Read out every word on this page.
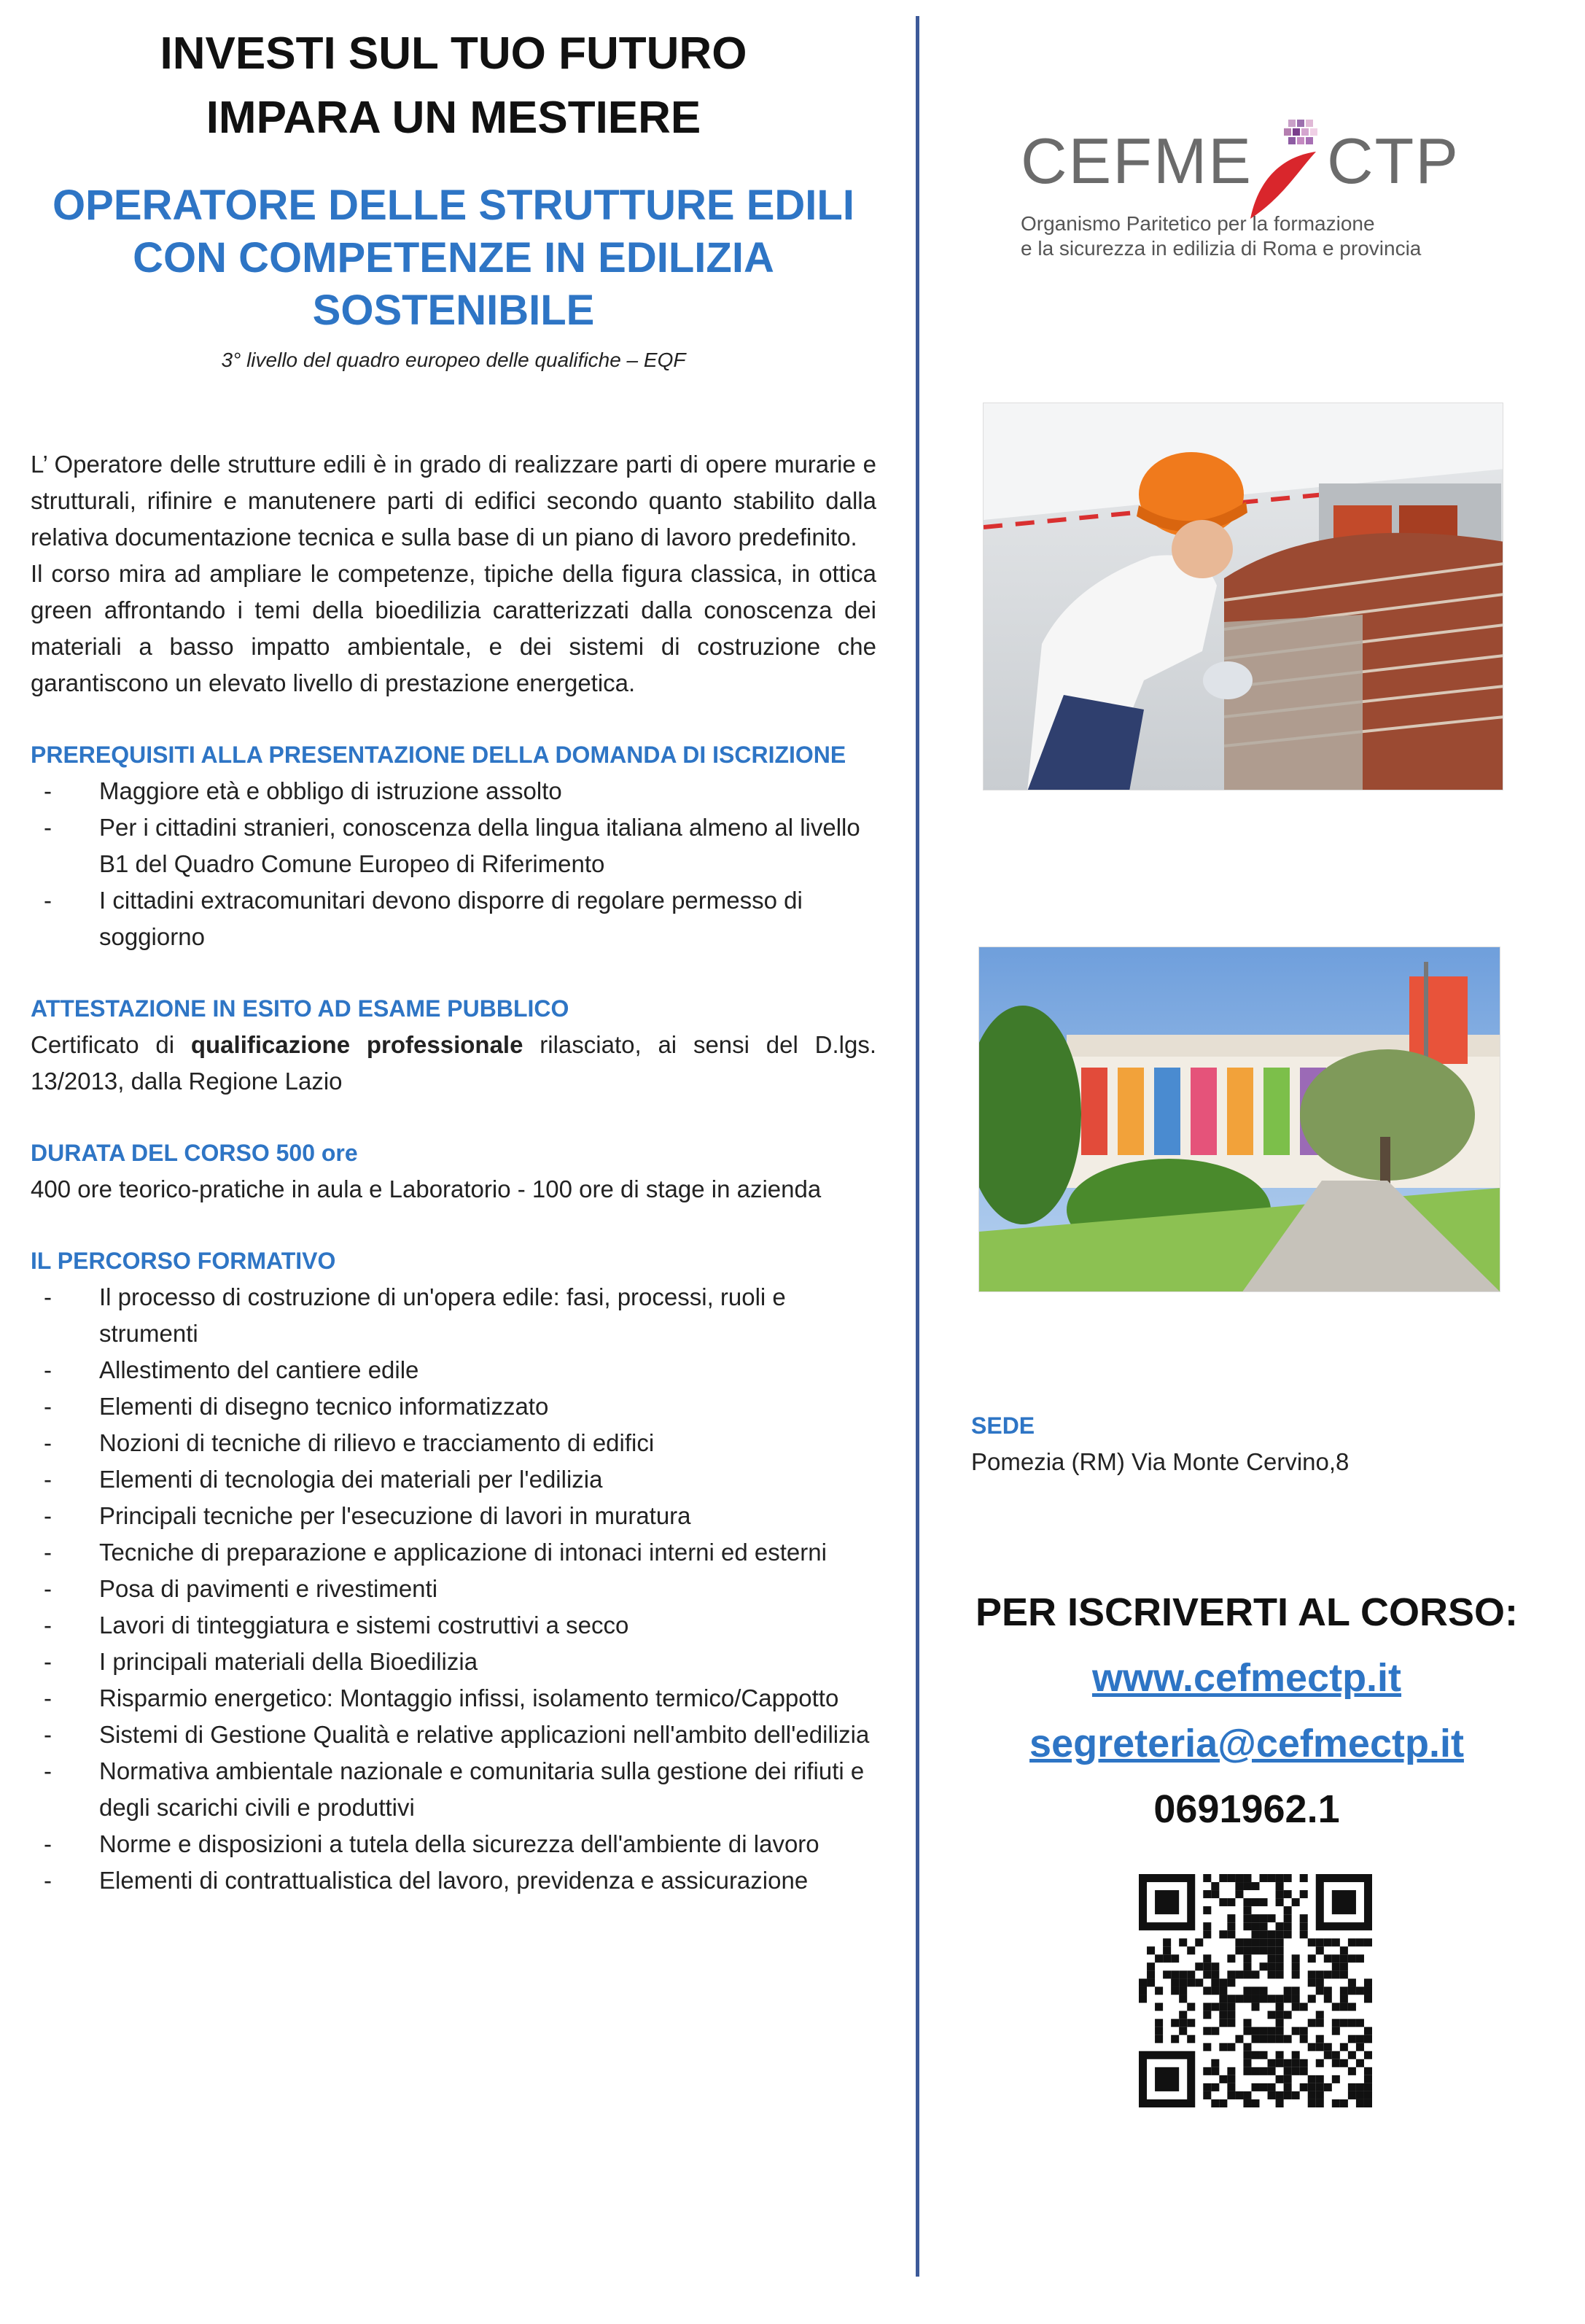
INVESTI SUL TUO FUTURO
IMPARA UN MESTIERE
OPERATORE DELLE STRUTTURE EDILI
CON COMPETENZE IN EDILIZIA
SOSTENIBILE
3° livello del quadro europeo delle qualifiche – EQF

L’ Operatore delle strutture edili è in grado di realizzare parti di opere murarie e strutturali, rifinire e manutenere parti di edifici secondo quanto stabilito dalla relativa documentazione tecnica e sulla base di un piano di lavoro predefinito.

Il corso mira ad ampliare le competenze, tipiche della figura classica, in ottica green affrontando i temi della bioedilizia caratterizzati dalla conoscenza dei materiali a basso impatto ambientale, e dei sistemi di costruzione che garantiscono un elevato livello di prestazione energetica.

PREREQUISITI ALLA PRESENTAZIONE DELLA DOMANDA DI ISCRIZIONE
- Maggiore età e obbligo di istruzione assolto
- Per i cittadini stranieri, conoscenza della lingua italiana almeno al livello B1 del Quadro Comune Europeo di Riferimento
- I cittadini extracomunitari devono disporre di regolare permesso di soggiorno
ATTESTAZIONE IN ESITO AD ESAME PUBBLICO
Certificato di qualificazione professionale rilasciato, ai sensi del D.lgs. 13/2013, dalla Regione Lazio
DURATA DEL CORSO 500 ore
400 ore teorico-pratiche in aula e Laboratorio - 100 ore di stage in azienda
IL PERCORSO FORMATIVO
- Il processo di costruzione di un'opera edile: fasi, processi, ruoli e strumenti
- Allestimento del cantiere edile
- Elementi di disegno tecnico informatizzato
- Nozioni di tecniche di rilievo e tracciamento di edifici
- Elementi di tecnologia dei materiali per l'edilizia
- Principali tecniche per l'esecuzione di lavori in muratura
- Tecniche di preparazione e applicazione di intonaci interni ed esterni
- Posa di pavimenti e rivestimenti
- Lavori di tinteggiatura e sistemi costruttivi a secco
- I principali materiali della Bioedilizia
- Risparmio energetico: Montaggio infissi, isolamento termico/Cappotto
- Sistemi di Gestione Qualità e relative applicazioni nell'ambito dell'edilizia
- Normativa ambientale nazionale e comunitaria sulla gestione dei rifiuti e degli scarichi civili e produttivi
- Norme e disposizioni a tutela della sicurezza dell'ambiente di lavoro
- Elementi di contrattualistica del lavoro, previdenza e assicurazione
CEFME CTP
Organismo Paritetico per la formazione
e la sicurezza in edilizia di Roma e provincia
SEDE
Pomezia (RM) Via Monte Cervino,8
PER ISCRIVERTI AL CORSO:
www.cefmectp.it
segreteria@cefmectp.it
0691962.1
